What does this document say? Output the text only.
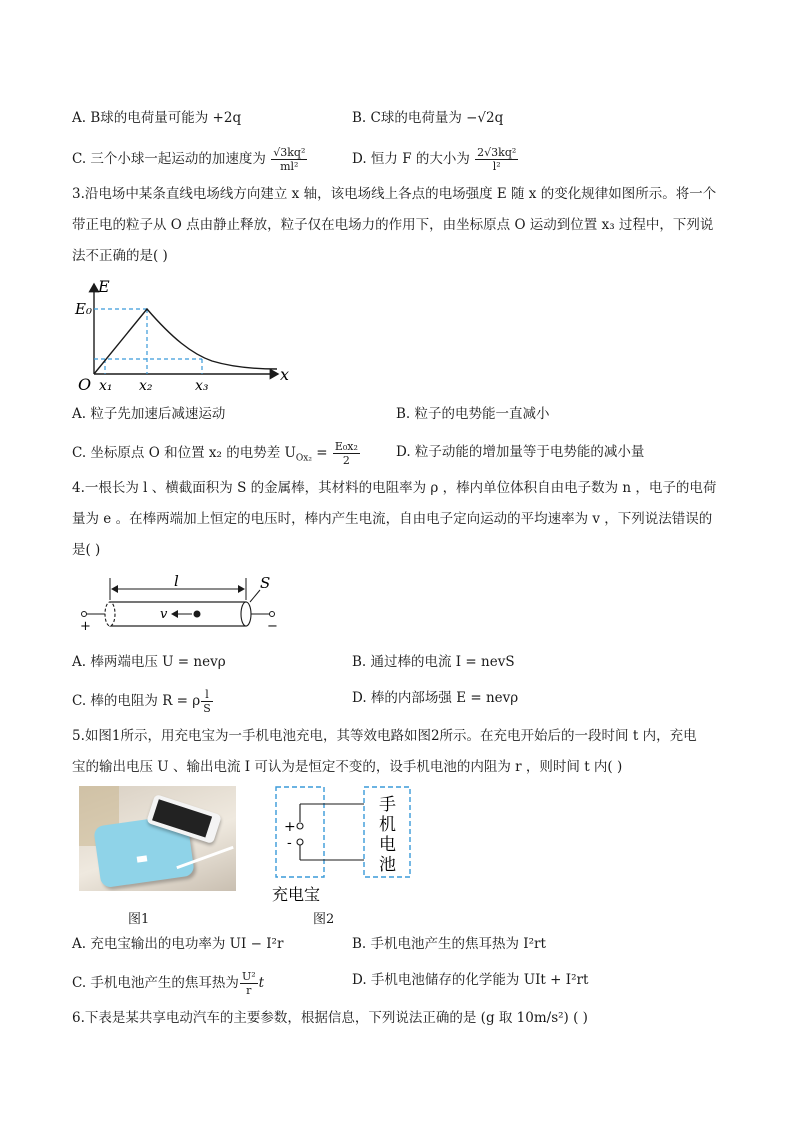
A. B球的电荷量可能为 +2q	B. C球的电荷量为 −√2q
C. 三个小球一起运动的加速度为 $\frac{\text{√3kq²}}{\text{ml²}}$	D. 恒力 F 的大小为 $\frac{\text{2√3kq²}}{\text{l²}}$
3.沿电场中某条直线电场线方向建立 x 轴，该电场线上各点的电场强度 E 随 x 的变化规律如图所示。将一个
带正电的粒子从 O 点由静止释放，粒子仅在电场力的作用下，由坐标原点 O 运动到位置 x₃ 过程中，下列说
法不正确的是( )
E
x
O
E₀
x₁ x₂	x₃
A. 粒子先加速后减速运动	B. 粒子的电势能一直减小
C. 坐标原点 O 和位置 x₂ 的电势差 $U_{Ox_2} = \frac{\text{E₀x₂}}{2}$	D. 粒子动能的增加量等于电势能的减小量
4.一根长为 l 、横截面积为 S 的金属棒，其材料的电阻率为 ρ ，棒内单位体积自由电子数为 n ，电子的电荷
量为 e 。在棒两端加上恒定的电压时，棒内产生电流，自由电子定向运动的平均速率为 v ，下列说法错误的
是( )
l
+	−
v
S
A. 棒两端电压 U = nevρ	B. 通过棒的电流 I = nevS
C. 棒的电阻为 R = ρ $\frac{l}{S}$	D. 棒的内部场强 E = nevρ
5.如图1所示，用充电宝为一手机电池充电，其等效电路如图2所示。在充电开始后的一段时间 t 内，充电
宝的输出电压 U 、输出电流 I 可认为是恒定不变的，设手机电池的内阻为 r ，则时间 t 内( )
图1
+
-
手
机
电
池
充电宝
图2
A. 充电宝输出的电功率为 UI − I²r	B. 手机电池产生的焦耳热为 I²rt
C. 手机电池产生的焦耳热为 $\frac{\text{U²}}{r}$ t	D. 手机电池储存的化学能为 UIt + I²rt
6.下表是某共享电动汽车的主要参数，根据信息，下列说法正确的是 (g 取 10m/s²) ( )
